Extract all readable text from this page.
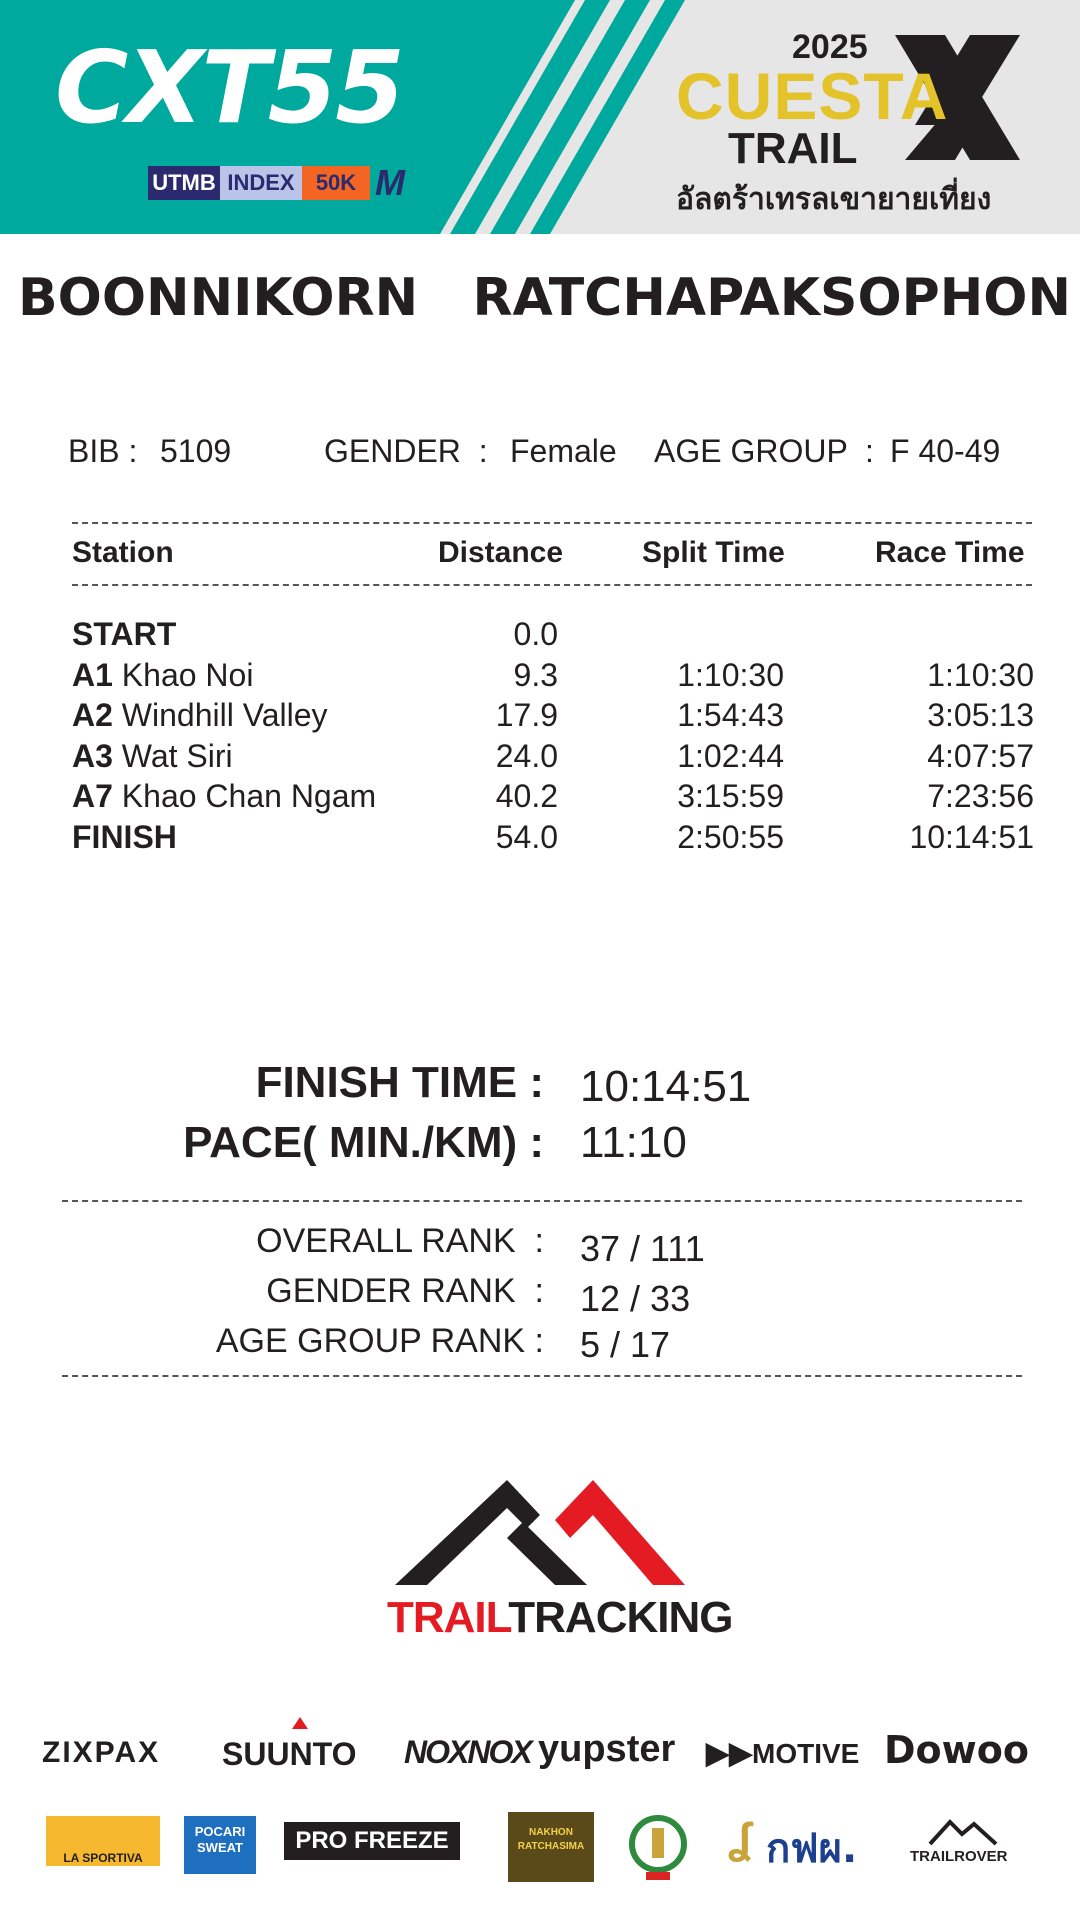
CXT55
UTMB INDEX 50K M
2025
CUESTA
TRAIL
อัลตร้าเทรลเขายายเที่ยง
BOONNIKORN   RATCHAPAKSOPHON
BIB : 5109	GENDER  : Female AGE GROUP  : F 40-49
Station	Distance	Split Time	Race Time
START	0.0
A1 Khao Noi	9.3	1:10:30	1:10:30
A2 Windhill Valley	17.9	1:54:43	3:05:13
A3 Wat Siri	24.0	1:02:44	4:07:57
A7 Khao Chan Ngam	40.2	3:15:59	7:23:56
FINISH	54.0	2:50:55	10:14:51
FINISH TIME : 10:14:51
PACE( MIN./KM) : 11:10
OVERALL RANK  : 37 / 111
GENDER RANK  : 12 / 33
AGE GROUP RANK : 5 / 17
TRAILTRACKING
ZIXPAX SUUNTO NOXNOX yupster	MOTIVE
▶▶	Dowoo
LA SPORTIVA
POCARI SWEAT	PRO FREEZE	NAKHON RATCHASIMA	ʆ กฟผ.	TRAILROVER
